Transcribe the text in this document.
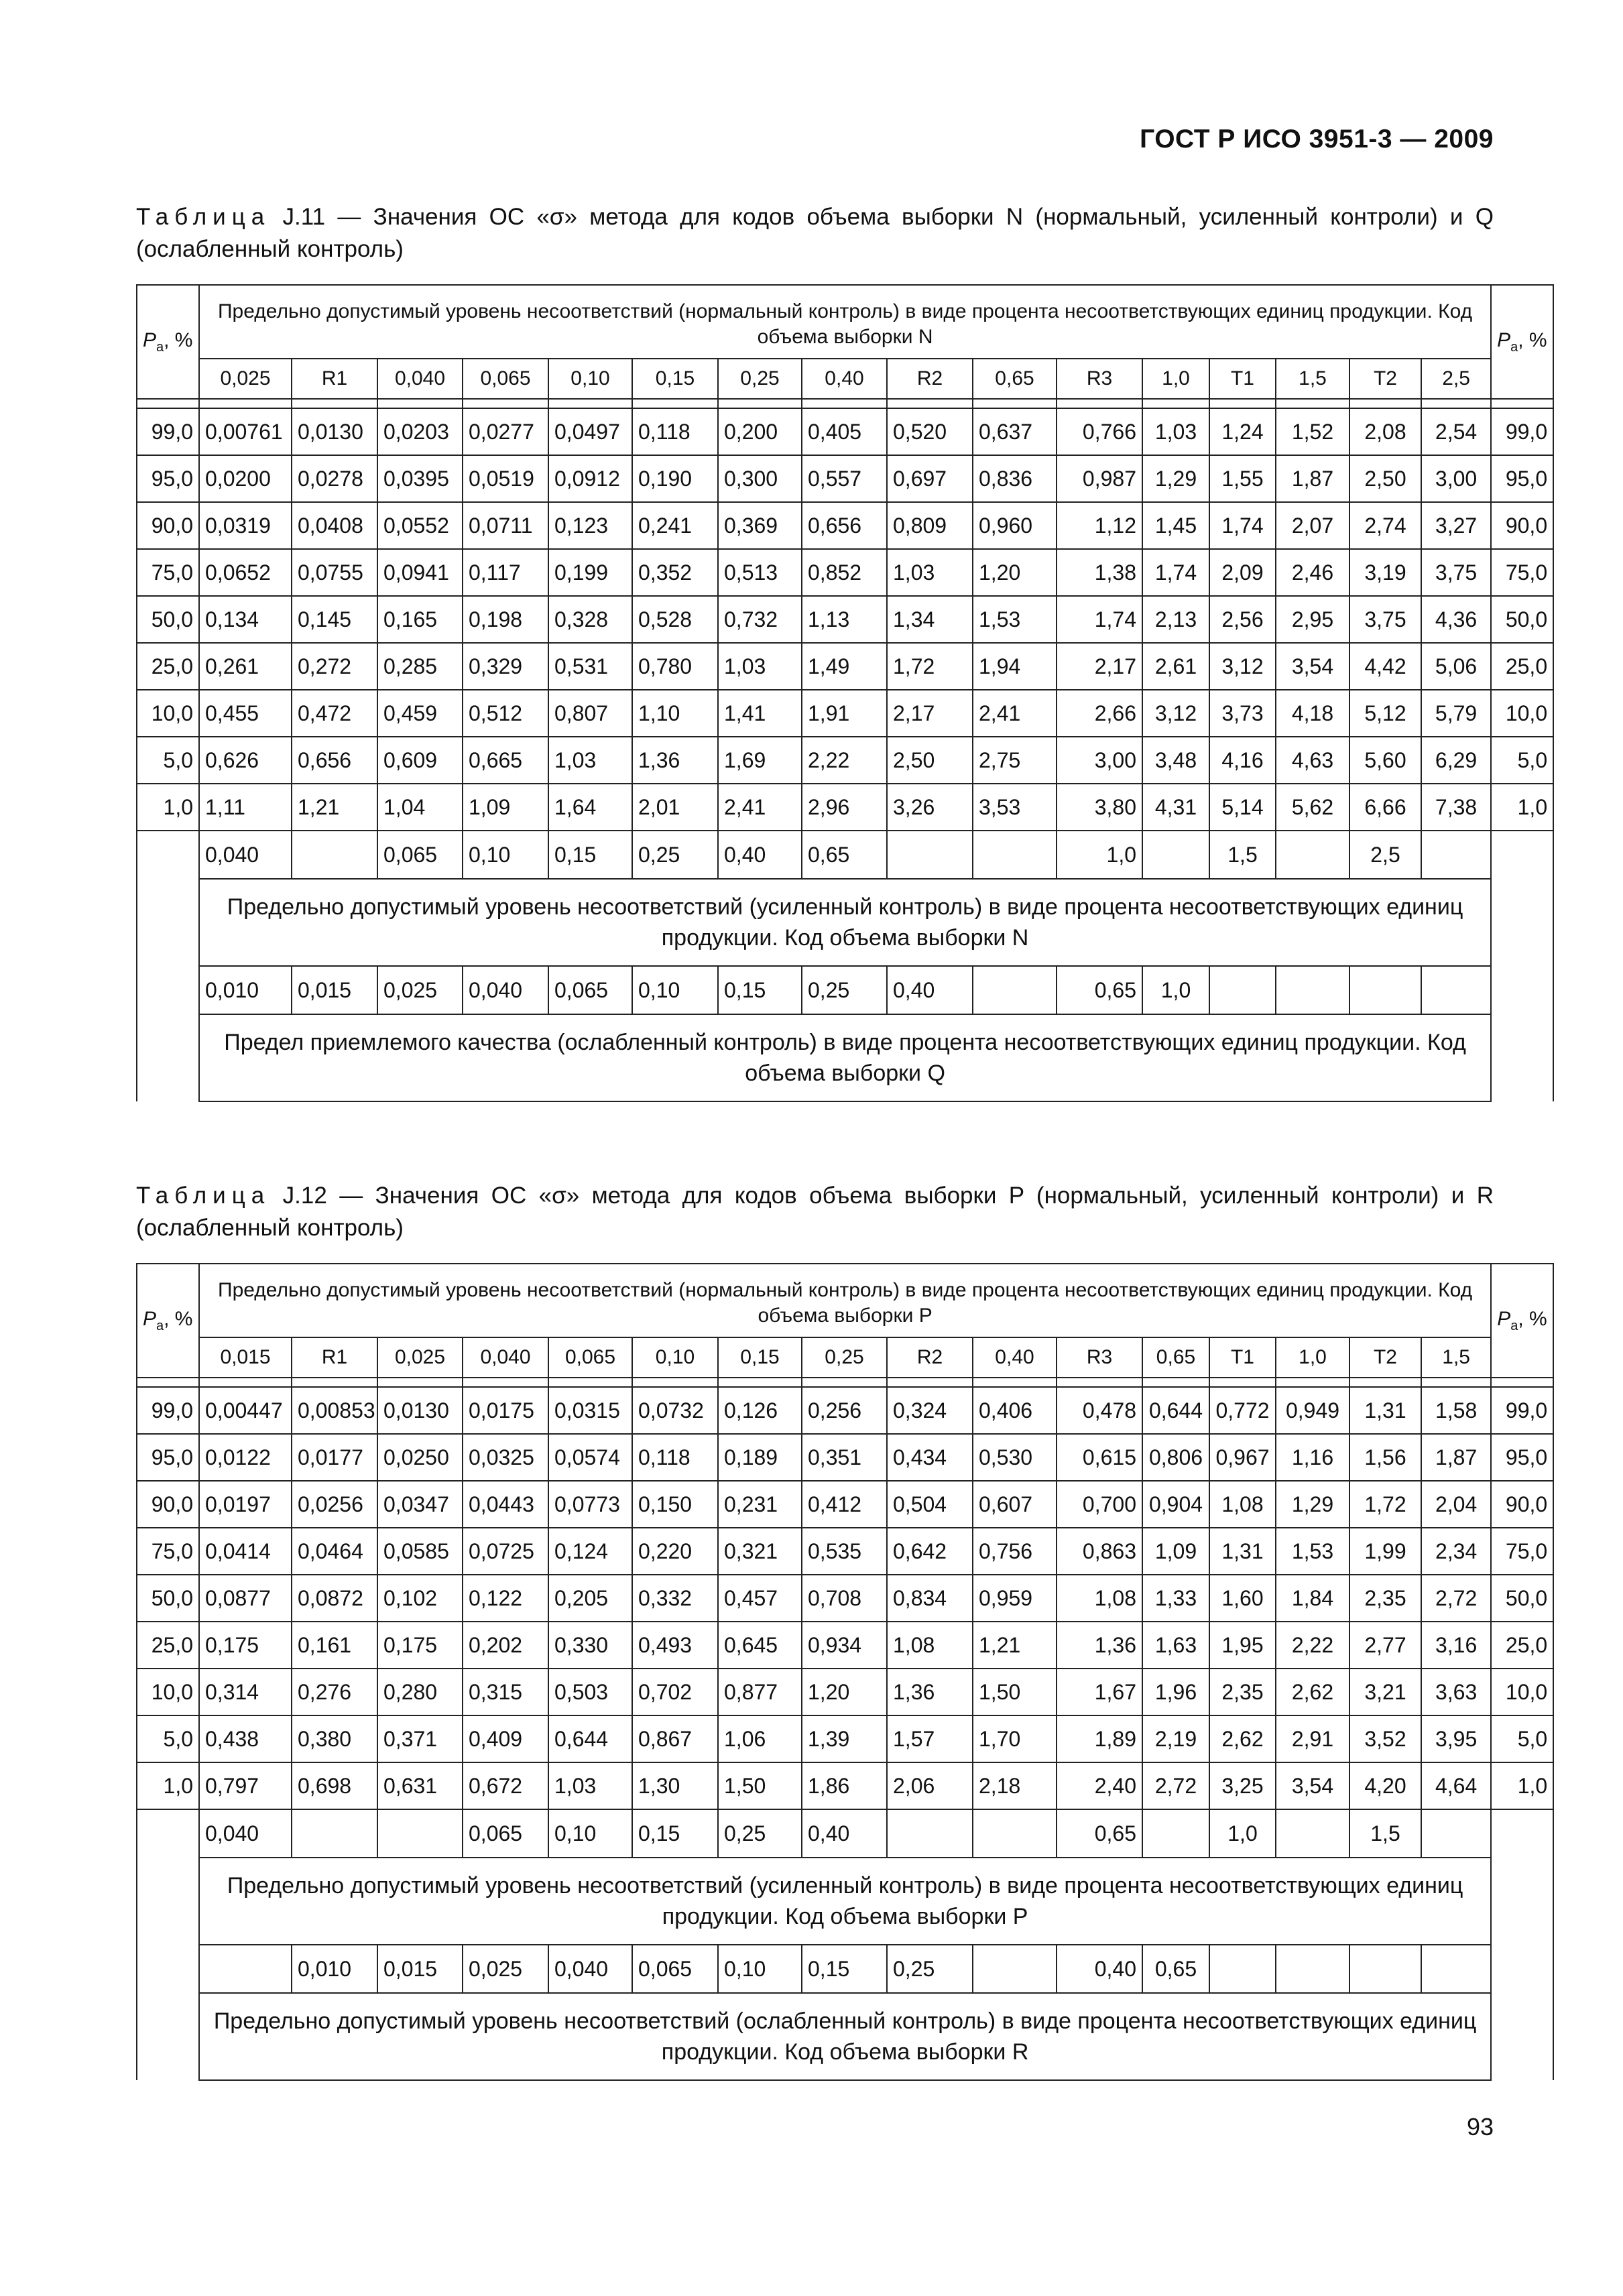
ГОСТ Р ИСО 3951-3 — 2009
Таблица J.11 — Значения ОС «σ» метода для кодов объема выборки N (нормальный, усиленный контроли) и Q (ослабленный контроль)
$P_a$, %	Предельно допустимый уровень несоответствий (нормальный контроль) в виде процента несоответствующих единиц продукции. Код объема выборки N																$P_a$, %
	0,025	R1	0,040	0,065	0,10	0,15	0,25	0,40	R2	0,65	R3	1,0	T1	1,5	T2	2,5	

99,0	0,00761	0,0130	0,0203	0,0277	0,0497	0,118	0,200	0,405	0,520	0,637	0,766	1,03	1,24	1,52	2,08	2,54	99,0
95,0	0,0200	0,0278	0,0395	0,0519	0,0912	0,190	0,300	0,557	0,697	0,836	0,987	1,29	1,55	1,87	2,50	3,00	95,0
90,0	0,0319	0,0408	0,0552	0,0711	0,123	0,241	0,369	0,656	0,809	0,960	1,12	1,45	1,74	2,07	2,74	3,27	90,0
75,0	0,0652	0,0755	0,0941	0,117	0,199	0,352	0,513	0,852	1,03	1,20	1,38	1,74	2,09	2,46	3,19	3,75	75,0
50,0	0,134	0,145	0,165	0,198	0,328	0,528	0,732	1,13	1,34	1,53	1,74	2,13	2,56	2,95	3,75	4,36	50,0
25,0	0,261	0,272	0,285	0,329	0,531	0,780	1,03	1,49	1,72	1,94	2,17	2,61	3,12	3,54	4,42	5,06	25,0
10,0	0,455	0,472	0,459	0,512	0,807	1,10	1,41	1,91	2,17	2,41	2,66	3,12	3,73	4,18	5,12	5,79	10,0
5,0	0,626	0,656	0,609	0,665	1,03	1,36	1,69	2,22	2,50	2,75	3,00	3,48	4,16	4,63	5,60	6,29	5,0
1,0	1,11	1,21	1,04	1,09	1,64	2,01	2,41	2,96	3,26	3,53	3,80	4,31	5,14	5,62	6,66	7,38	1,0
	0,040		0,065	0,10	0,15	0,25	0,40	0,65			1,0		1,5		2,5		
	Предельно допустимый уровень несоответствий (усиленный контроль) в виде процента несоответствующих единиц продукции. Код объема выборки N																
	0,010	0,015	0,025	0,040	0,065	0,10	0,15	0,25	0,40		0,65	1,0					
	Предел приемлемого качества (ослабленный контроль) в виде процента несоответствующих единиц продукции. Код объема выборки Q																
Таблица J.12 — Значения ОС «σ» метода для кодов объема выборки P (нормальный, усиленный контроли) и R (ослабленный контроль)
$P_a$, %	Предельно допустимый уровень несоответствий (нормальный контроль) в виде процента несоответствующих единиц продукции. Код объема выборки P																$P_a$, %
	0,015	R1	0,025	0,040	0,065	0,10	0,15	0,25	R2	0,40	R3	0,65	T1	1,0	T2	1,5	

99,0	0,00447	0,00853	0,0130	0,0175	0,0315	0,0732	0,126	0,256	0,324	0,406	0,478	0,644	0,772	0,949	1,31	1,58	99,0
95,0	0,0122	0,0177	0,0250	0,0325	0,0574	0,118	0,189	0,351	0,434	0,530	0,615	0,806	0,967	1,16	1,56	1,87	95,0
90,0	0,0197	0,0256	0,0347	0,0443	0,0773	0,150	0,231	0,412	0,504	0,607	0,700	0,904	1,08	1,29	1,72	2,04	90,0
75,0	0,0414	0,0464	0,0585	0,0725	0,124	0,220	0,321	0,535	0,642	0,756	0,863	1,09	1,31	1,53	1,99	2,34	75,0
50,0	0,0877	0,0872	0,102	0,122	0,205	0,332	0,457	0,708	0,834	0,959	1,08	1,33	1,60	1,84	2,35	2,72	50,0
25,0	0,175	0,161	0,175	0,202	0,330	0,493	0,645	0,934	1,08	1,21	1,36	1,63	1,95	2,22	2,77	3,16	25,0
10,0	0,314	0,276	0,280	0,315	0,503	0,702	0,877	1,20	1,36	1,50	1,67	1,96	2,35	2,62	3,21	3,63	10,0
5,0	0,438	0,380	0,371	0,409	0,644	0,867	1,06	1,39	1,57	1,70	1,89	2,19	2,62	2,91	3,52	3,95	5,0
1,0	0,797	0,698	0,631	0,672	1,03	1,30	1,50	1,86	2,06	2,18	2,40	2,72	3,25	3,54	4,20	4,64	1,0
	0,040			0,065	0,10	0,15	0,25	0,40			0,65		1,0		1,5		
	Предельно допустимый уровень несоответствий (усиленный контроль) в виде процента несоответствующих единиц продукции. Код объема выборки P																
		0,010	0,015	0,025	0,040	0,065	0,10	0,15	0,25		0,40	0,65					
	Предельно допустимый уровень несоответствий (ослабленный контроль) в виде процента несоответствующих единиц продукции. Код объема выборки R																
93
